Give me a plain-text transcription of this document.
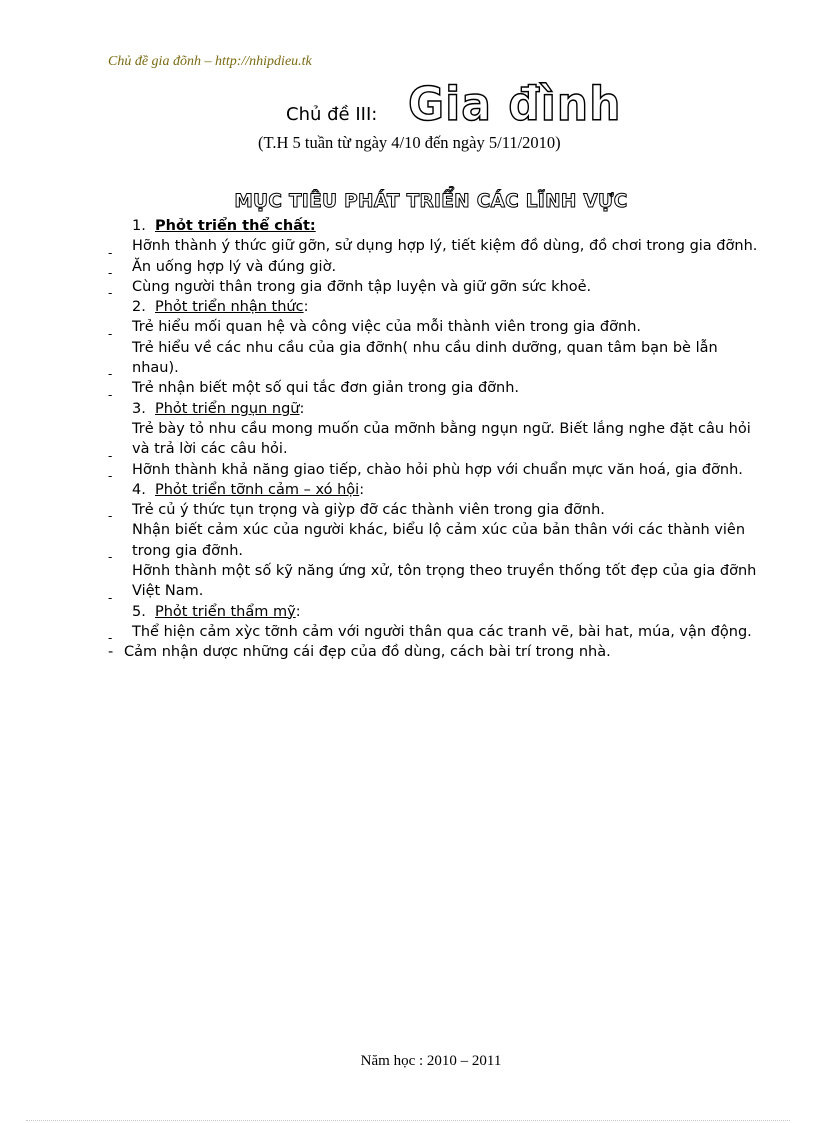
Chủ đề gia đõnh – http://nhipdieu.tk
Chủ đề III: Gia đình
(T.H 5 tuần từ ngày 4/10 đến ngày 5/11/2010)
MỤC TIÊU PHÁT TRIỂN CÁC LĨNH VỰC
1. Phỏt triển thể chất:
- Hỡnh thành ý thức giữ gỡn, sử dụng hợp lý, tiết kiệm đồ dùng, đồ chơi trong gia đỡnh.
- Ăn uống hợp lý và đúng giờ.
- Cùng người thân trong gia đỡnh tập luyện và giữ gỡn sức khoẻ.
2. Phỏt triển nhận thức:
- Trẻ hiểu mối quan hệ và công việc của mỗi thành viên trong gia đỡnh.
-
Trẻ hiểu về các nhu cầu của gia đỡnh( nhu cầu dinh dưỡng, quan tâm bạn bè lẫn nhau).
- Trẻ nhận biết một số qui tắc đơn giản trong gia đỡnh.
3. Phỏt triển ngụn ngữ:
-
Trẻ bày tỏ nhu cầu mong muốn của mỡnh bằng ngụn ngữ. Biết lắng nghe đặt câu hỏi và trả lời các câu hỏi.
- Hỡnh thành khả năng giao tiếp, chào hỏi phù hợp với chuẩn mực văn hoá, gia đỡnh.
4. Phỏt triển tỡnh cảm – xó hội:
- Trẻ củ ý thức tụn trọng và giỳp đỡ các thành viên trong gia đỡnh.
-
Nhận biết cảm xúc của người khác, biểu lộ cảm xúc của bản thân với các thành viên trong gia đỡnh.
-
Hỡnh thành một số kỹ năng ứng xử, tôn trọng theo truyền thống tốt đẹp của gia đỡnh Việt Nam.
5. Phỏt triển thẩm mỹ:
- Thể hiện cảm xỳc tỡnh cảm với người thân qua các tranh vẽ, bài hat, múa, vận động.
- Cảm nhận dược những cái đẹp của đồ dùng, cách bài trí trong nhà.
Năm học : 2010 – 2011
